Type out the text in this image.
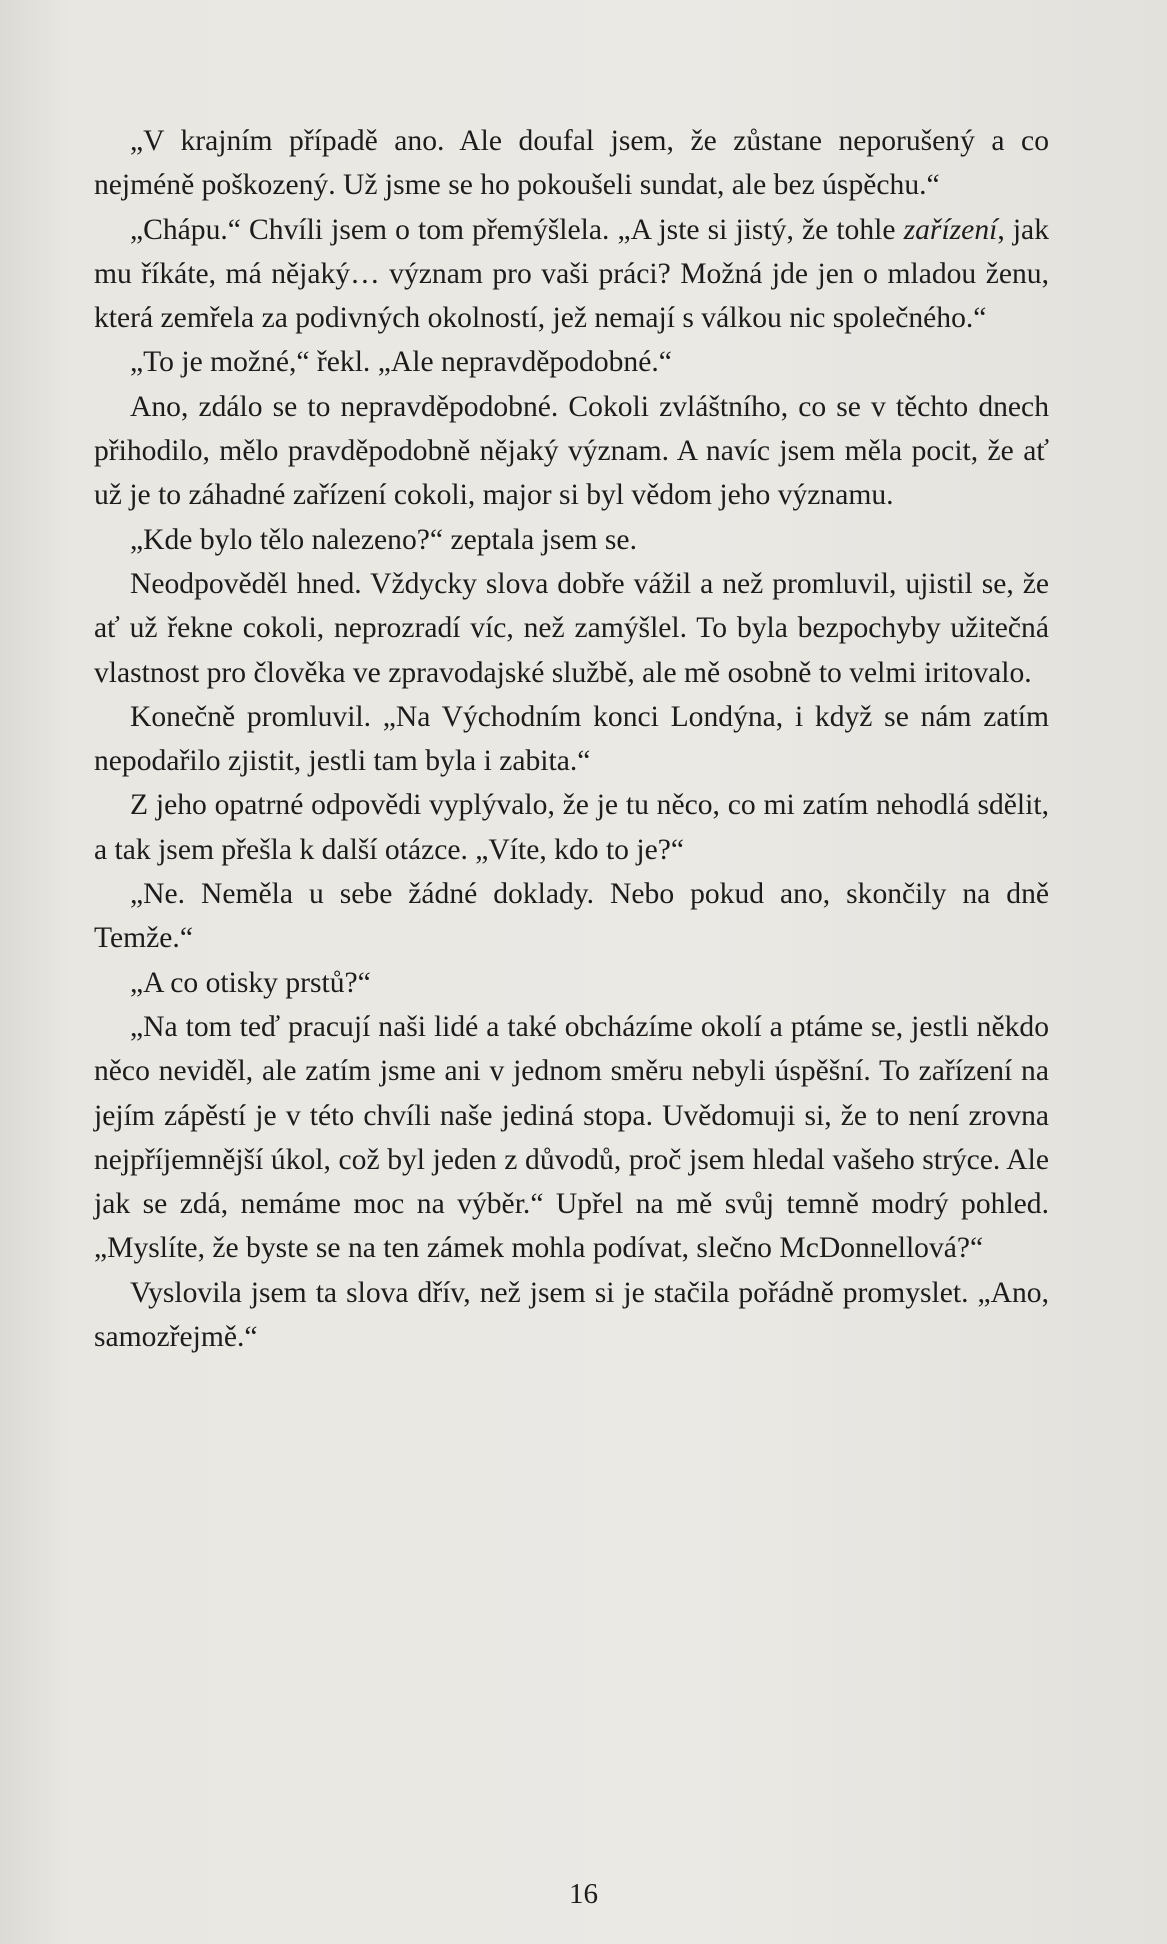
„V krajním případě ano. Ale doufal jsem, že zůstane neporušený a co nejméně poškozený. Už jsme se ho pokoušeli sundat, ale bez úspěchu.“

„Chápu.“ Chvíli jsem o tom přemýšlela. „A jste si jistý, že tohle zařízení, jak mu říkáte, má nějaký… význam pro vaši práci? Možná jde jen o mladou ženu, která zemřela za podivných okolností, jež nemají s válkou nic společného.“

„To je možné,“ řekl. „Ale nepravděpodobné.“

Ano, zdálo se to nepravděpodobné. Cokoli zvláštního, co se v těchto dnech přihodilo, mělo pravděpodobně nějaký význam. A navíc jsem měla pocit, že ať už je to záhadné zařízení cokoli, major si byl vědom jeho významu.

„Kde bylo tělo nalezeno?“ zeptala jsem se.

Neodpověděl hned. Vždycky slova dobře vážil a než promluvil, ujistil se, že ať už řekne cokoli, neprozradí víc, než zamýšlel. To byla bezpochyby užitečná vlastnost pro člověka ve zpravodajské službě, ale mě osobně to velmi iritovalo.

Konečně promluvil. „Na Východním konci Londýna, i když se nám zatím nepodařilo zjistit, jestli tam byla i zabita.“

Z jeho opatrné odpovědi vyplývalo, že je tu něco, co mi zatím nehodlá sdělit, a tak jsem přešla k další otázce. „Víte, kdo to je?“

„Ne. Neměla u sebe žádné doklady. Nebo pokud ano, skončily na dně Temže.“

„A co otisky prstů?“

„Na tom teď pracují naši lidé a také obcházíme okolí a ptáme se, jestli někdo něco neviděl, ale zatím jsme ani v jednom směru nebyli úspěšní. To zařízení na jejím zápěstí je v této chvíli naše jediná stopa. Uvědomuji si, že to není zrovna nejpříjemnější úkol, což byl jeden z důvodů, proč jsem hledal vašeho strýce. Ale jak se zdá, nemáme moc na výběr.“ Upřel na mě svůj temně modrý pohled. „Myslíte, že byste se na ten zámek mohla podívat, slečno McDonnellová?“

Vyslovila jsem ta slova dřív, než jsem si je stačila pořádně promyslet. „Ano, samozřejmě.“

16
